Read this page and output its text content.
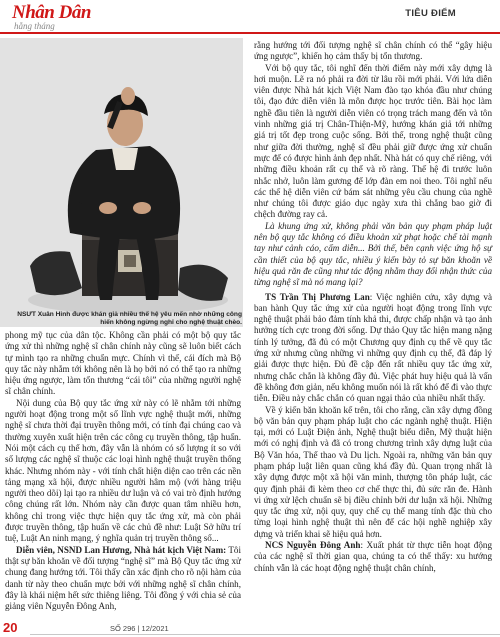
Nhân Dân
hằng tháng
TIÊU ĐIỂM
NSƯT Xuân Hinh được khán giả nhiều thế hệ yêu mến nhờ những công hiến không ngừng nghỉ cho nghệ thuật chèo.

phong mỹ tục của dân tộc. Không cần phải có một bộ quy tắc ứng xử thì những nghệ sĩ chân chính này cũng sẽ luôn biết cách tự mình tạo ra những chuẩn mực. Chính vì thế, cái đích mà Bộ quy tắc này nhắm tới không nên là họ bởi nó có thể tạo ra những hiệu ứng ngược, làm tổn thương “cái tôi” của những người nghệ sĩ chân chính.

Nội dung của Bộ quy tắc ứng xử này có lẽ nhằm tới những người hoạt động trong một số lĩnh vực nghệ thuật mới, những nghệ sĩ chưa thời đại truyền thông mới, có tính đại chúng cao và thường xuyên xuất hiện trên các công cụ truyền thông, tập huấn. Nói một cách cụ thể hơn, đây vẫn là nhóm có số lượng ít so với số lượng các nghệ sĩ thuộc các loại hình nghệ thuật truyền thống khác. Nhưng nhóm này - với tính chất hiện diện cao trên các nền tảng mạng xã hội, được nhiều người hâm mộ (với hàng triệu người theo dõi) lại tạo ra nhiều dư luận và có vai trò định hướng công chúng rất lớn. Nhóm này cần được quan tâm nhiều hơn, không chỉ trong việc thực hiện quy tắc ứng xử, mà còn phải được truyền thông, tập huấn về các chủ đề như: Luật Sở hữu trí tuệ, Luật An ninh mạng, ý nghĩa quản trị truyền thông số...

Diễn viên, NSND Lan Hương, Nhà hát kịch Việt Nam: Tôi thật sự băn khoăn về đối tượng “nghệ sĩ” mà Bộ Quy tắc ứng xử chung đang hướng tới. Tôi thấy cần xác định cho rõ nội hàm của danh từ này theo chuẩn mực bởi với những nghệ sĩ chân chính, đây là khái niệm hết sức thiêng liêng. Tôi đồng ý với chia sẻ của giảng viên Nguyễn Đông Anh,

rằng hướng tới đối tượng nghệ sĩ chân chính có thể “gây hiệu ứng ngược”, khiến họ cảm thấy bị tổn thương.

Với bộ quy tắc, tôi nghĩ đến thời điểm này mới xây dựng là hơi muộn. Lẽ ra nó phải ra đời từ lâu rồi mới phải. Với lứa diễn viên được Nhà hát kịch Việt Nam đào tạo khóa đầu như chúng tôi, đạo đức diễn viên là môn được học trước tiên. Bài học làm nghề đầu tiên là người diễn viên có trọng trách mang đến và tôn vinh những giá trị Chân-Thiện-Mỹ, hướng khán giả tới những giá trị tốt đẹp trong cuộc sống. Bởi thế, trong nghệ thuật cũng như giữa đời thường, nghệ sĩ đều phải giữ được ứng xử chuẩn mực để có được hình ảnh đẹp nhất. Nhà hát có quy chế riêng, với những điều khoản rất cụ thể và rõ ràng. Thế hệ đi trước luôn nhắc nhở, luôn làm gương để lớp đàn em noi theo. Tôi nghĩ nếu các thế hệ diễn viên cứ bám sát những yêu cầu chung của nghề như chúng tôi được giáo dục ngày xưa thì chẳng bao giờ đi chệch đường ray cả.

Là khung ứng xử, không phải văn bản quy phạm pháp luật nên bộ quy tắc không có điều khoản xử phạt hoặc chế tài mạnh tay như cảnh cáo, cấm diễn... Bởi thế, bên cạnh việc ứng hộ sự cần thiết của bộ quy tắc, nhiều ý kiến bày tỏ sự băn khoăn về hiệu quả răn đe cũng như tác động nhằm thay đổi nhận thức của từng nghệ sĩ mà nó mang lại?

TS Trần Thị Phương Lan: Việc nghiên cứu, xây dựng và ban hành Quy tắc ứng xử của người hoạt động trong lĩnh vực nghệ thuật phải bảo đảm tính khả thi, được chấp nhận và tạo ảnh hưởng tích cực trong đời sống. Dự thảo Quy tắc hiện mang nặng tính lý tưởng, đã đủ có một Chương quy định cụ thể về quy tắc ứng xử nhưng cũng những vì những quy định cụ thể, đã đáp lý giải được thực hiện. Đủ đề cập đến rất nhiều quy tắc ứng xử, nhưng chắc chắn là không đầy đủ. Việc phát huy hiệu quả là vấn đề không đơn giản, nếu không muốn nói là rất khó để đi vào thực tiễn. Điều này chắc chắn có quan ngại thảo của nhiều nhất thấy.

Về ý kiến băn khoăn kế trên, tôi cho rằng, cần xây dựng đồng bộ văn bản quy phạm pháp luật cho các ngành nghệ thuật. Hiện tại, mới có Luật Điện ảnh, Nghệ thuật biểu diễn, Mỹ thuật hiện mới có nghị định và đã có trong chương trình xây dựng luật của Bộ Văn hóa, Thể thao và Du lịch. Ngoài ra, những văn bản quy phạm pháp luật liên quan cũng khá đầy đủ. Quan trọng nhất là xây dựng được một xã hội văn minh, thượng tôn pháp luật, các quy định phải đi kèm theo cơ chế thực thi, đủ sức răn đe. Hành vi ứng xử lệch chuẩn sẽ bị điều chỉnh bởi dư luận xã hội. Những quy tắc ứng xử, nội quy, quy chế cụ thể mang tính đặc thù cho từng loại hình nghệ thuật thì nên để các hội nghề nghiệp xây dựng và triển khai sẽ hiệu quả hơn.

NCS Nguyễn Đông Anh: Xuất phát từ thực tiễn hoạt động của các nghệ sĩ thời gian qua, chúng ta có thể thấy: xu hướng chính vẫn là các hoạt động nghệ thuật chân chính,

20	SỐ 296 | 12/2021
